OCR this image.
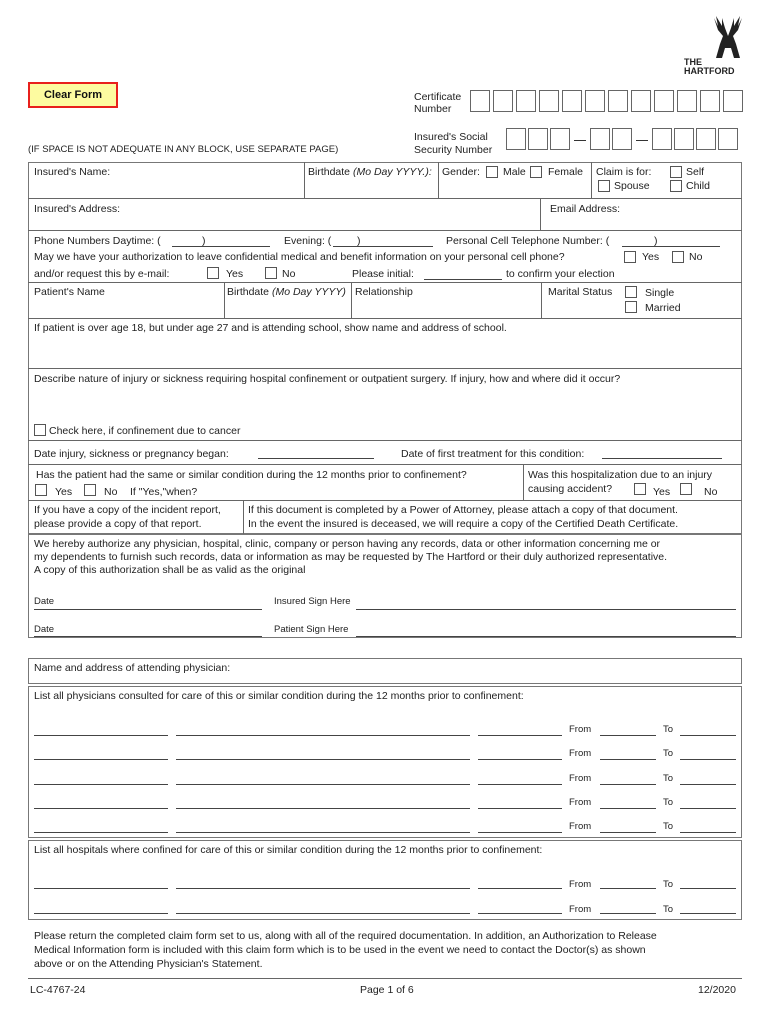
THE
HARTFORD
Clear Form	Certificate Number
(IF SPACE IS NOT ADEQUATE IN ANY BLOCK, USE SEPARATE PAGE)
Insured's Social Security Number
Insured's Name:	Birthdate (Mo Day YYYY.): Gender: Male Female Claim is for:
Spouse
Self
Child
Insured's Address:	Email Address:
Phone Numbers Daytime: (	)	Evening: ( )	Personal Cell Telephone Number: (	)
May we have your authorization to leave confidential medical and benefit information on your personal cell phone?	Yes	No
and/or request this by e-mail:	Yes	No	Please initial:	to confirm your election
Patient's Name	Birthdate (Mo Day YYYY) Relationship	Marital Status	Single
Married
If patient is over age 18, but under age 27 and is attending school, show name and address of school.
Describe nature of injury or sickness requiring hospital confinement or outpatient surgery. If injury, how and where did it occur?
Check here, if confinement due to cancer
Date injury, sickness or pregnancy began:	Date of first treatment for this condition:
Has the patient had the same or similar condition during the 12 months prior to confinement?
Yes	No If "Yes,"when?
Was this hospitalization due to an injury
causing accident?	Yes	No
If you have a copy of the incident report,
please provide a copy of that report.
If this document is completed by a Power of Attorney, please attach a copy of that document.
In the event the insured is deceased, we will require a copy of the Certified Death Certificate.
We hereby authorize any physician, hospital, clinic, company or person having any records, data or other information concerning me or
my dependents to furnish such records, data or information as may be requested by The Hartford or their duly authorized representative.
A copy of this authorization shall be as valid as the original
Date	Insured Sign Here
Date	Patient Sign Here
Name and address of attending physician:
List all physicians consulted for care of this or similar condition during the 12 months prior to confinement:
From	To
From	To
From	To
From	To
From	To
List all hospitals where confined for care of this or similar condition during the 12 months prior to confinement:
From	To
From	To
Please return the completed claim form set to us, along with all of the required documentation. In addition, an Authorization to Release
Medical Information form is included with this claim form which is to be used in the event we need to contact the Doctor(s) as shown
above or on the Attending Physician's Statement.
LC-4767-24	Page 1 of 6	12/2020
